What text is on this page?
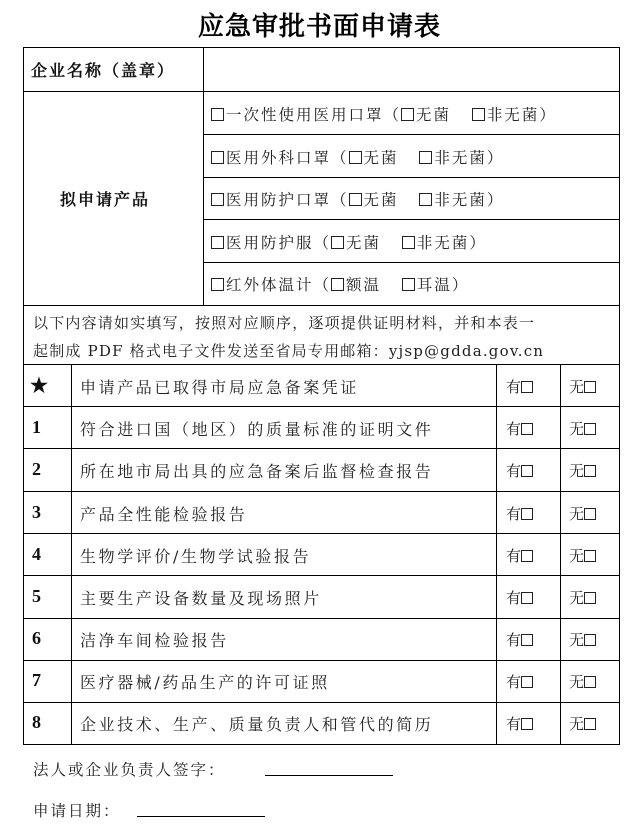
应急审批书面申请表
企业名称（盖章）
拟申请产品
一次性使用医用口罩（ 无菌 非无菌）
医用外科口罩（ 无菌 非无菌）
医用防护口罩（ 无菌 非无菌）
医用防护服（ 无菌 非无菌）
红外体温计（ 额温 耳温）
以下内容请如实填写，按照对应顺序，逐项提供证明材料，并和本表一
起制成 PDF 格式电子文件发送至省局专用邮箱：yjsp@gdda.gov.cn
★ 申请产品已取得市局应急备案凭证	有	无
1 符合进口国（地区）的质量标准的证明文件	有	无
2 所在地市局出具的应急备案后监督检查报告	有	无
3 产品全性能检验报告	有	无
4 生物学评价/生物学试验报告	有	无
5 主要生产设备数量及现场照片	有	无
6 洁净车间检验报告	有	无
7 医疗器械/药品生产的许可证照	有	无
8 企业技术、生产、质量负责人和管代的简历	有	无
法人或企业负责人签字：
申请日期：
